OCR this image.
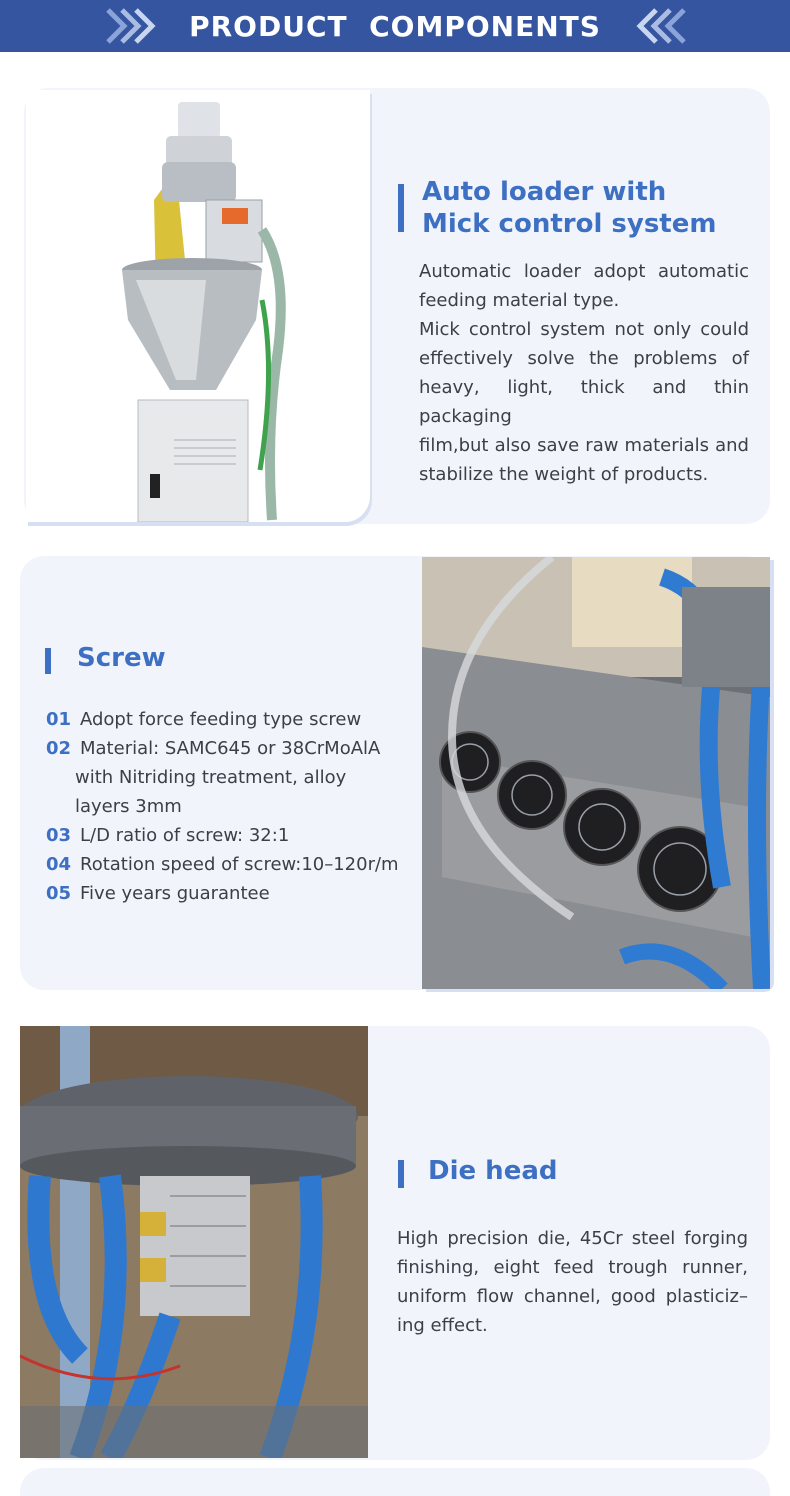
PRODUCT  COMPONENTS
Auto loader with
Mick control system
Automatic loader adopt automatic
feeding material type.
Mick control system not only could
effectively solve the problems of
heavy, light, thick and thin packaging
film,but also save raw materials and
stabilize the weight of products.
Screw
01 Adopt force feeding type screw
02 Material: SAMC645 or 38CrMoAlA
with Nitriding treatment, alloy
layers 3mm
03 L/D ratio of screw: 32:1
04 Rotation speed of screw:10–120r/m
05 Five years guarantee
Die head
High precision die, 45Cr steel forging
finishing, eight feed trough runner,
uniform flow channel, good plasticiz–
ing effect.
